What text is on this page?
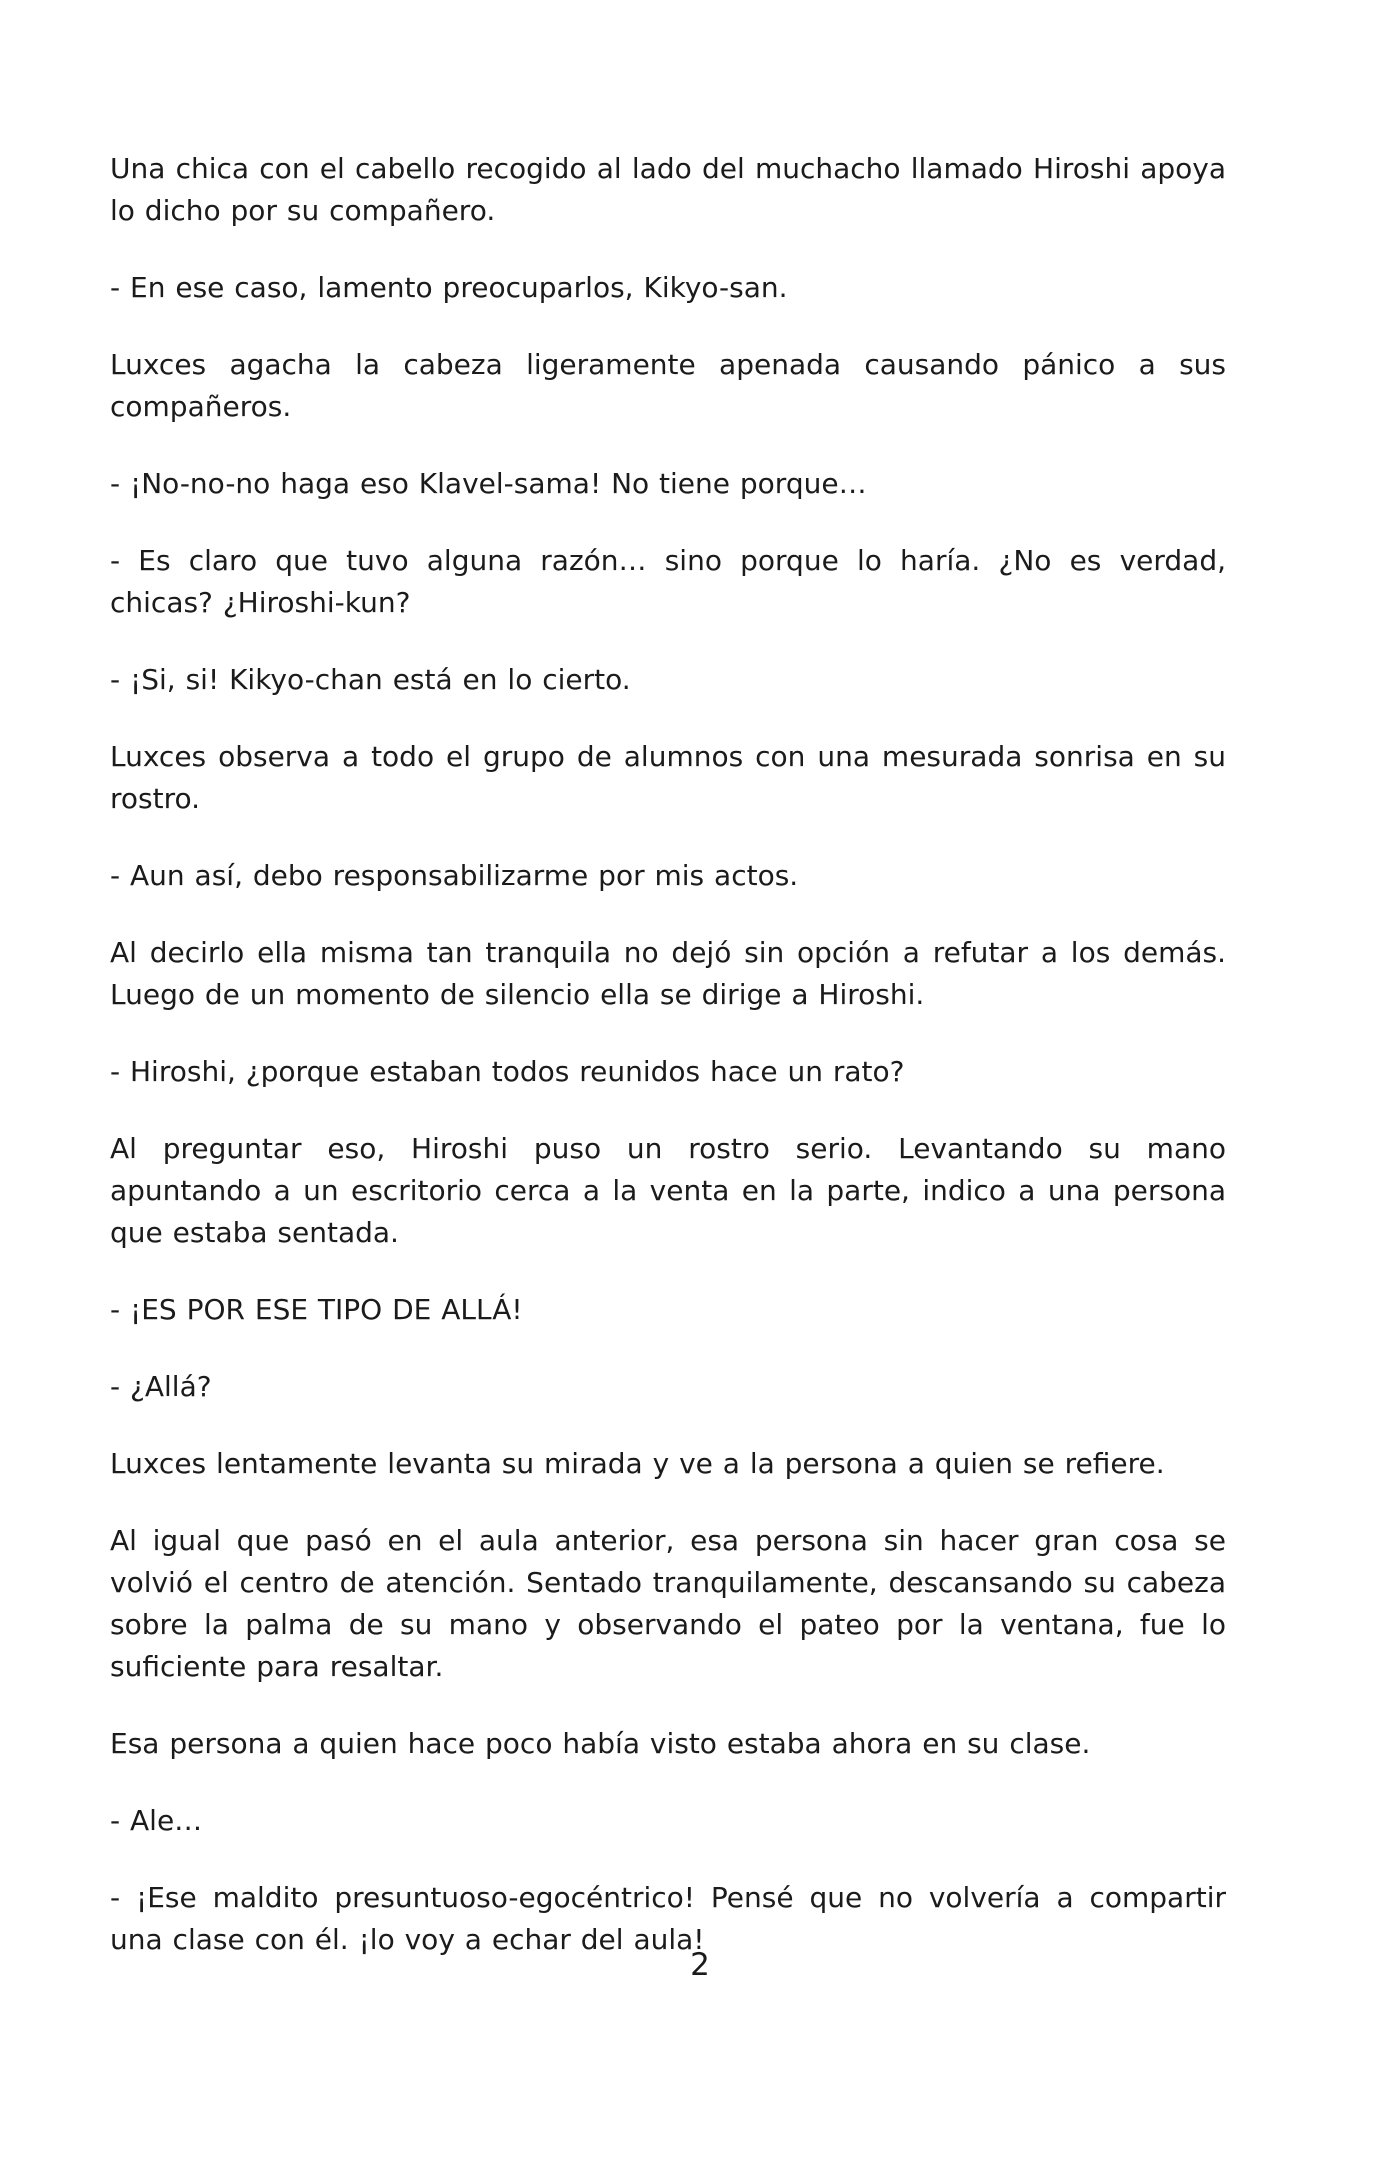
Una chica con el cabello recogido al lado del muchacho llamado Hiroshi apoya lo dicho por su compañero.

- En ese caso, lamento preocuparlos, Kikyo-san.

Luxces agacha la cabeza ligeramente apenada causando pánico a sus compañeros.

- ¡No-no-no haga eso Klavel-sama! No tiene porque…

- Es claro que tuvo alguna razón… sino porque lo haría. ¿No es verdad, chicas? ¿Hiroshi-kun?

- ¡Si, si! Kikyo-chan está en lo cierto.

Luxces observa a todo el grupo de alumnos con una mesurada sonrisa en su rostro.

- Aun así, debo responsabilizarme por mis actos.

Al decirlo ella misma tan tranquila no dejó sin opción a refutar a los demás. Luego de un momento de silencio ella se dirige a Hiroshi.

- Hiroshi, ¿porque estaban todos reunidos hace un rato?

Al preguntar eso, Hiroshi puso un rostro serio. Levantando su mano apuntando a un escritorio cerca a la venta en la parte, indico a una persona que estaba sentada.

- ¡ES POR ESE TIPO DE ALLÁ!

- ¿Allá?

Luxces lentamente levanta su mirada y ve a la persona a quien se refiere.

Al igual que pasó en el aula anterior, esa persona sin hacer gran cosa se volvió el centro de atención. Sentado tranquilamente, descansando su cabeza sobre la palma de su mano y observando el pateo por la ventana, fue lo suficiente para resaltar.

Esa persona a quien hace poco había visto estaba ahora en su clase.

- Ale…

- ¡Ese maldito presuntuoso-egocéntrico! Pensé que no volvería a compartir una clase con él. ¡lo voy a echar del aula!

2
